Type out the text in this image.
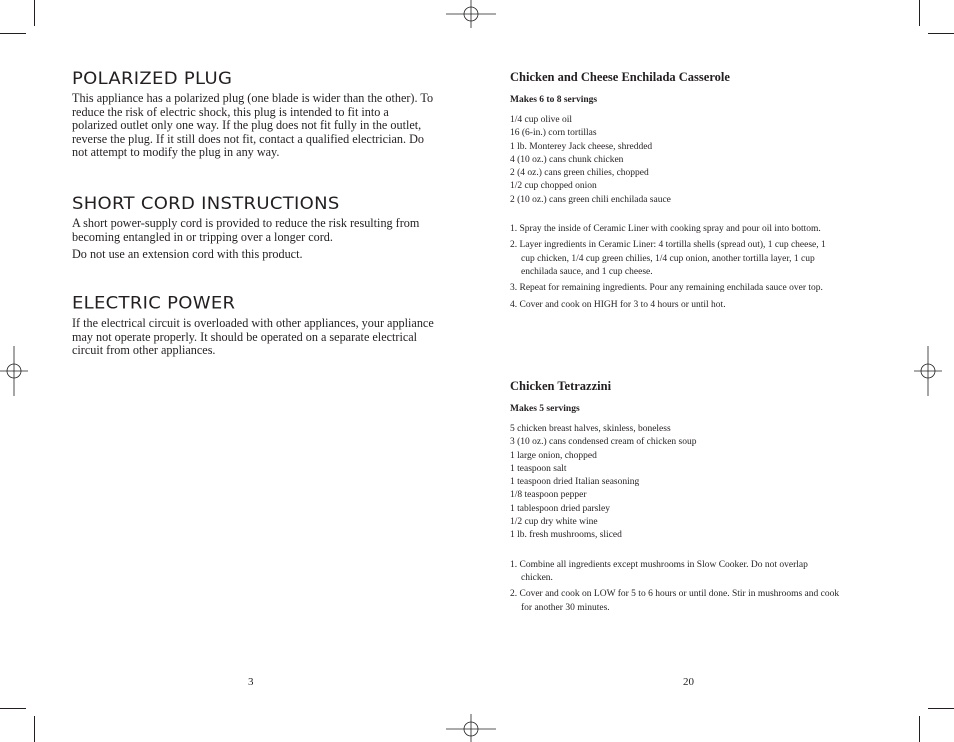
POLARIZED PLUG

This appliance has a polarized plug (one blade is wider than the other). To reduce the risk of electric shock, this plug is intended to fit into a polarized outlet only one way. If the plug does not fit fully in the outlet, reverse the plug. If it still does not fit, contact a qualified electrician. Do not attempt to modify the plug in any way.

SHORT CORD INSTRUCTIONS

A short power-supply cord is provided to reduce the risk resulting from becoming entangled in or tripping over a longer cord.

Do not use an extension cord with this product.

ELECTRIC POWER

If the electrical circuit is overloaded with other appliances, your appliance may not operate properly. It should be operated on a separate electrical circuit from other appliances.

3
Chicken and Cheese Enchilada Casserole
Makes 6 to 8 servings
1/4 cup olive oil
16 (6-in.) corn tortillas
1 lb. Monterey Jack cheese, shredded
4 (10 oz.) cans chunk chicken
2 (4 oz.) cans green chilies, chopped
1/2 cup chopped onion
2 (10 oz.) cans green chili enchilada sauce
1. Spray the inside of Ceramic Liner with cooking spray and pour oil into bottom.
2. Layer ingredients in Ceramic Liner: 4 tortilla shells (spread out), 1 cup cheese, 1 cup chicken, 1/4 cup green chilies, 1/4 cup onion, another tortilla layer, 1 cup enchilada sauce, and 1 cup cheese.
3. Repeat for remaining ingredients. Pour any remaining enchilada sauce over top.
4. Cover and cook on HIGH for 3 to 4 hours or until hot.
Chicken Tetrazzini
Makes 5 servings
5 chicken breast halves, skinless, boneless
3 (10 oz.) cans condensed cream of chicken soup
1 large onion, chopped
1 teaspoon salt
1 teaspoon dried Italian seasoning
1/8 teaspoon pepper
1 tablespoon dried parsley
1/2 cup dry white wine
1 lb. fresh mushrooms, sliced
1. Combine all ingredients except mushrooms in Slow Cooker. Do not overlap chicken.
2. Cover and cook on LOW for 5 to 6 hours or until done. Stir in mushrooms and cook for another 30 minutes.
20
